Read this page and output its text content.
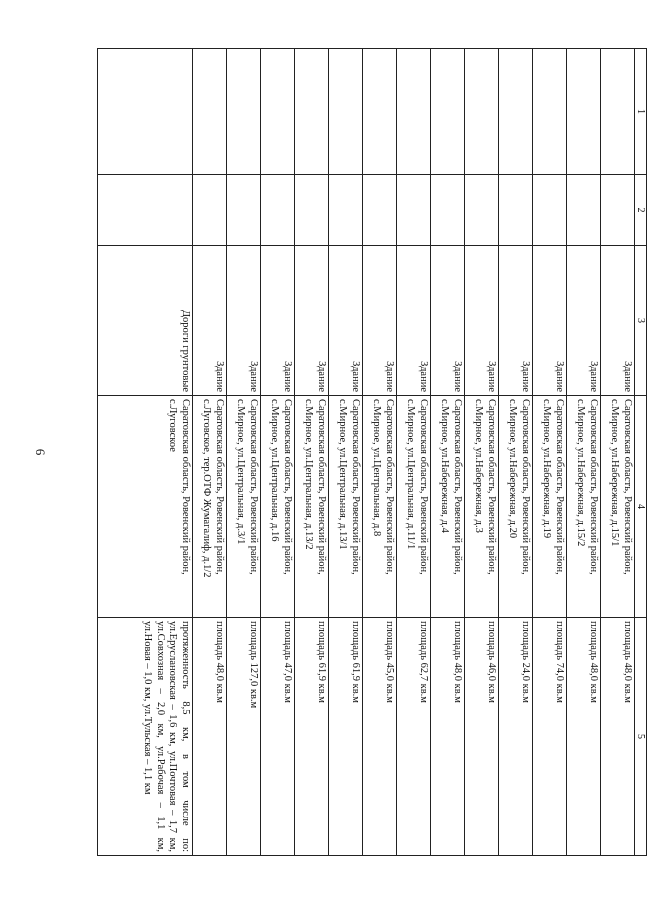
6
1	2	3	4	5
		Здание	Саратовская область, Ровенский район,
с.Мирное, ул.Набережная, д.15/1	площадь 48,0 кв.м
		Здание	Саратовская область, Ровенский район,
с.Мирное, ул.Набережная, д.15/2	площадь 48,0 кв.м
		Здание	Саратовская область, Ровенский район,
с.Мирное, ул.Набережная, д.19	площадь 74,0 кв.м
		Здание	Саратовская область, Ровенский район,
с.Мирное, ул.Набережная, д.20	площадь 24,0 кв.м
		Здание	Саратовская область, Ровенский район,
с.Мирное, ул.Набережная, д.3	площадь 46,0 кв.м
		Здание	Саратовская область, Ровенский район,
с.Мирное, ул.Набережная, д.4	площадь 48,0 кв.м
		Здание	Саратовская область, Ровенский район,
с.Мирное, ул.Центральная, д.11/1	площадь 62,7 кв.м
		Здание	Саратовская область, Ровенский район,
с.Мирное, ул.Центральная, д.8	площадь 45,0 кв.м
		Здание	Саратовская область, Ровенский район,
с.Мирное, ул.Центральная, д.13/1	площадь 61,9 кв.м
		Здание	Саратовская область, Ровенский район,
с.Мирное, ул.Центральная, д.13/2	площадь 61,9 кв.м
		Здание	Саратовская область, Ровенский район,
с.Мирное, ул.Центральная, д.16	площадь 47,0 кв.м
		Здание	Саратовская область, Ровенский район,
с.Мирное, ул.Центральная, д.3/1	площадь 127,0 кв.м
		Здание	Саратовская область, Ровенский район,
с.Луговское, тер.ОТФ Жумагалиф, д.1/2	площадь 48,0 кв.м
		Дороги грунтовые	Саратовская область, Ровенский район,
с.Луговское	протяженность 8,5 км, в том числе по: ул.Еруслановская – 1,6 км, ул.Почтовая – 1,7 км, ул.Совхозная – 2,0 км, ул.Рабочая – 1,1 км, ул.Новая – 1,0 км, ул.Тульская – 1,1 км
